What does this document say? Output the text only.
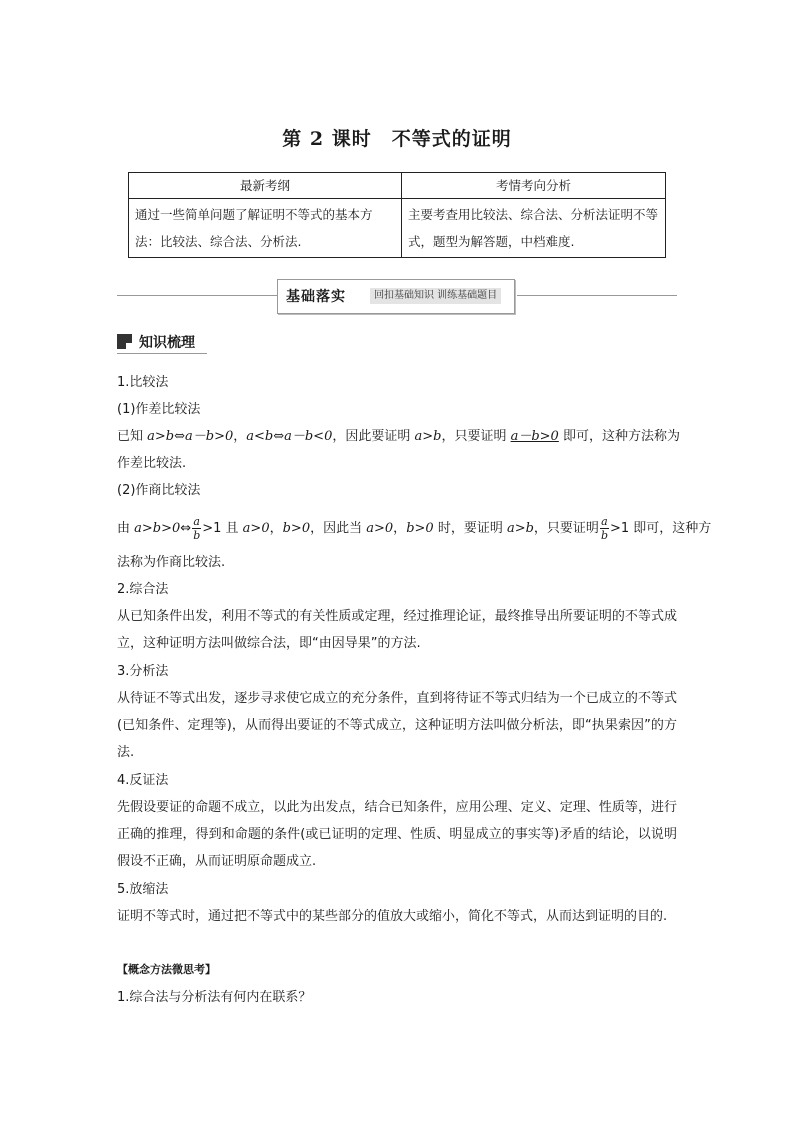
第 2 课时　不等式的证明
最新考纲	考情考向分析
通过一些简单问题了解证明不等式的基本方法：比较法、综合法、分析法.	主要考查用比较法、综合法、分析法证明不等式，题型为解答题，中档难度.
基础落实	回扣基础知识 训练基础题目
知识梳理
1.比较法
(1)作差比较法
已知 a>b⇔a－b>0，a<b⇔a－b<0，因此要证明 a>b，只要证明 a－b>0 即可，这种方法称为
作差比较法.
(2)作商比较法
由 a>b>0⇔ $\frac{a}{b} >1$ 且 a>0，b>0，因此当 a>0，b>0 时，要证明 a>b，只要证明 $\frac{a}{b} >1$ 即可，这种方
法称为作商比较法.
2.综合法
从已知条件出发，利用不等式的有关性质或定理，经过推理论证，最终推导出所要证明的不等式成立，这种证明方法叫做综合法，即“由因导果”的方法.
3.分析法
从待证不等式出发，逐步寻求使它成立的充分条件，直到将待证不等式归结为一个已成立的不等式(已知条件、定理等)，从而得出要证的不等式成立，这种证明方法叫做分析法，即“执果索因”的方法.
4.反证法
先假设要证的命题不成立，以此为出发点，结合已知条件，应用公理、定义、定理、性质等，进行正确的推理，得到和命题的条件(或已证明的定理、性质、明显成立的事实等)矛盾的结论，以说明假设不正确，从而证明原命题成立.
5.放缩法
证明不等式时，通过把不等式中的某些部分的值放大或缩小，简化不等式，从而达到证明的目的.
【概念方法微思考】
1.综合法与分析法有何内在联系？
